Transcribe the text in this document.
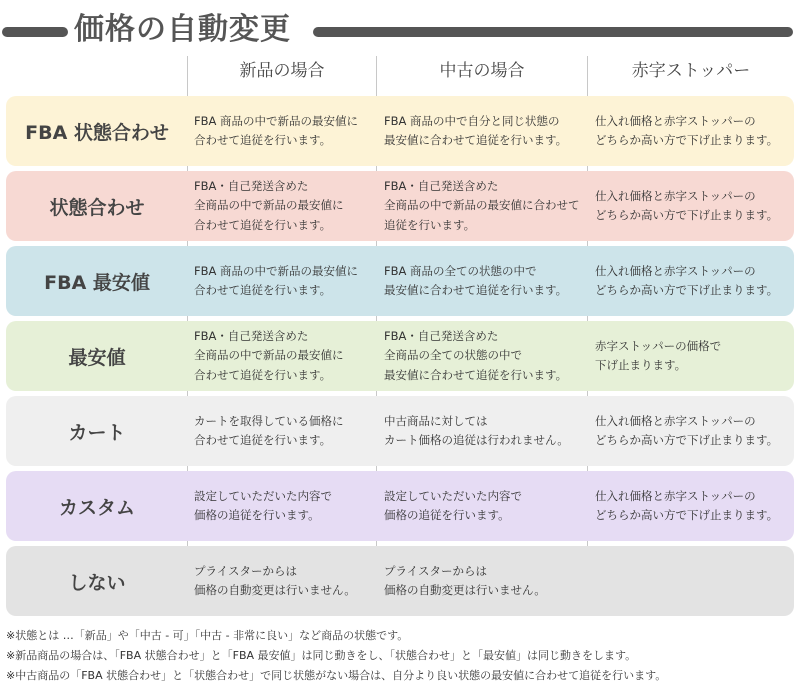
価格の自動変更
新品の場合	中古の場合	赤字ストッパー
FBA 状態合わせ
FBA 商品の中で新品の最安値に
合わせて追従を行います。
FBA 商品の中で自分と同じ状態の
最安値に合わせて追従を行います。
仕入れ価格と赤字ストッパーの
どちらか高い方で下げ止まります。
状態合わせ
FBA・自己発送含めた
全商品の中で新品の最安値に
合わせて追従を行います。
FBA・自己発送含めた
全商品の中で新品の最安値に合わせて
追従を行います。
仕入れ価格と赤字ストッパーの
どちらか高い方で下げ止まります。
FBA 最安値
FBA 商品の中で新品の最安値に
合わせて追従を行います。
FBA 商品の全ての状態の中で
最安値に合わせて追従を行います。
仕入れ価格と赤字ストッパーの
どちらか高い方で下げ止まります。
最安値
FBA・自己発送含めた
全商品の中で新品の最安値に
合わせて追従を行います。
FBA・自己発送含めた
全商品の全ての状態の中で
最安値に合わせて追従を行います。
赤字ストッパーの価格で
下げ止まります。
カート
カートを取得している価格に
合わせて追従を行います。
中古商品に対しては
カート価格の追従は行われません。
仕入れ価格と赤字ストッパーの
どちらか高い方で下げ止まります。
カスタム
設定していただいた内容で
価格の追従を行います。
設定していただいた内容で
価格の追従を行います。
仕入れ価格と赤字ストッパーの
どちらか高い方で下げ止まります。
しない
プライスターからは
価格の自動変更は行いません。
プライスターからは
価格の自動変更は行いません。
※状態とは …「新品」や「中古 - 可」「中古 - 非常に良い」など商品の状態です。
※新品商品の場合は、「FBA 状態合わせ」と「FBA 最安値」は同じ動きをし、「状態合わせ」と「最安値」は同じ動きをします。
※中古商品の「FBA 状態合わせ」と「状態合わせ」で同じ状態がない場合は、自分より良い状態の最安値に合わせて追従を行います。
